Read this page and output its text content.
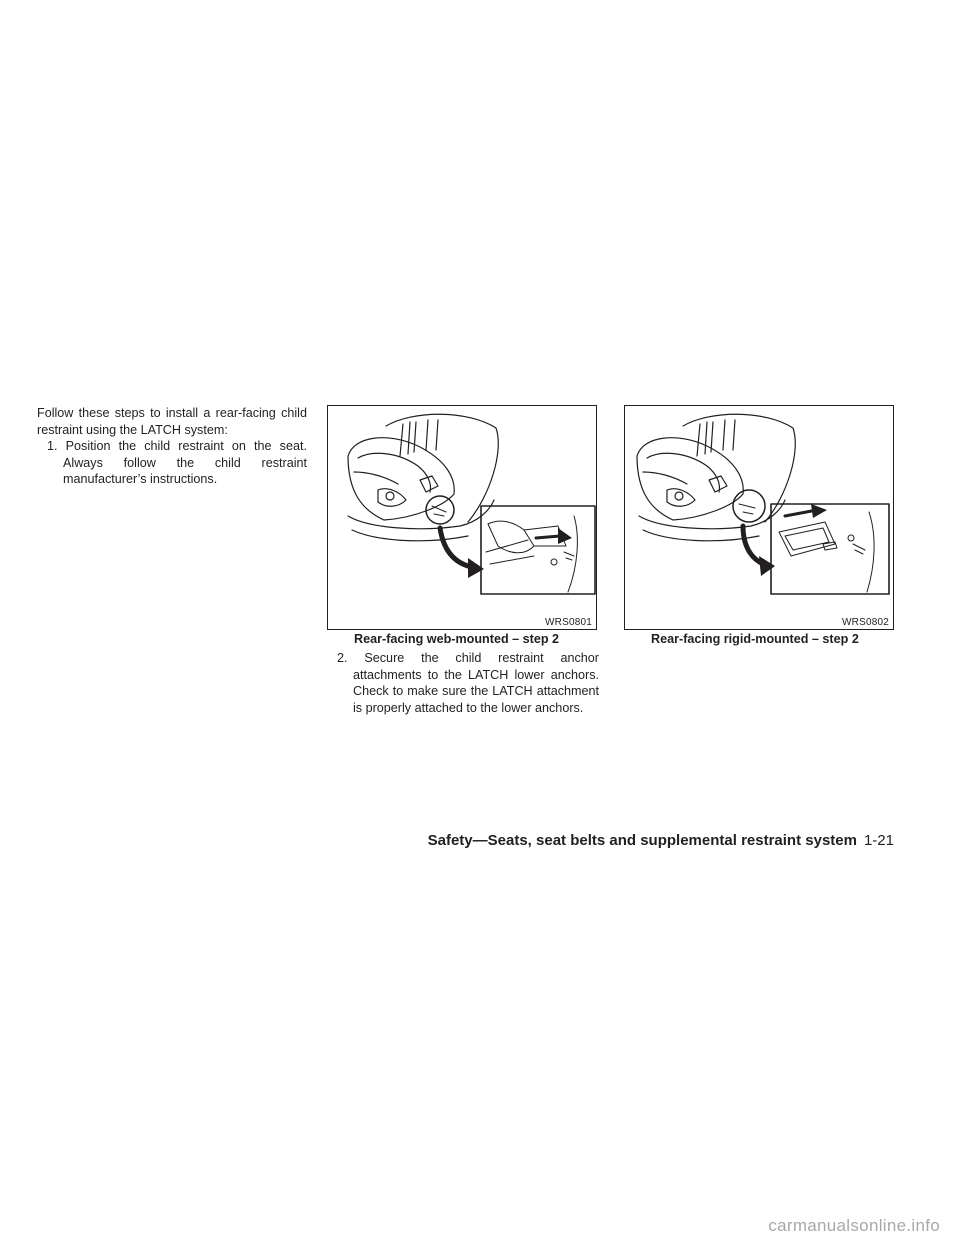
Follow these steps to install a rear-facing child restraint using the LATCH system:

1. Position the child restraint on the seat. Always follow the child restraint manufacturer’s instructions.

WRS0801
Rear-facing web-mounted – step 2

2. Secure the child restraint anchor attachments to the LATCH lower anchors. Check to make sure the LATCH attachment is properly attached to the lower anchors.

WRS0802
Rear-facing rigid-mounted – step 2
Safety—Seats, seat belts and supplemental restraint system 1-21
carmanualsonline.info
